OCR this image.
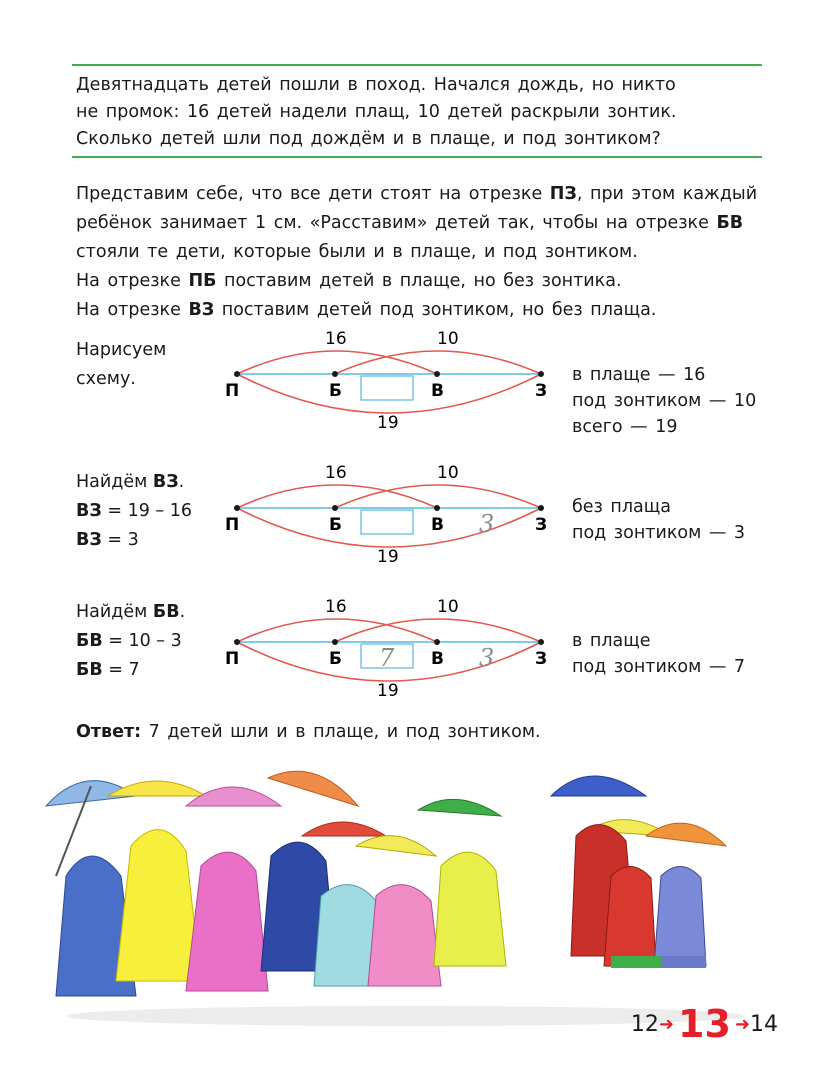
Девятнадцать детей пошли в поход. Начался дождь, но никто
не промок: 16 детей надели плащ, 10 детей раскрыли зонтик.
Сколько детей шли под дождём и в плаще, и под зонтиком?

Представим себе, что все дети стоят на отрезке ПЗ, при этом каждый

ребёнок занимает 1 см. «Расставим» детей так, чтобы на отрезке БВ

стояли те дети, которые были и в плаще, и под зонтиком.

На отрезке ПБ поставим детей в плаще, но без зонтика.

На отрезке ВЗ поставим детей под зонтиком, но без плаща.

Нарисуем
схему.
16	10
П	Б	В	З
19
в плаще — 16
под зонтиком — 10
всего — 19
Найдём ВЗ.
ВЗ = 19 – 16
ВЗ = 3
16	10
П	Б	В	З
3
19
без плаща
под зонтиком — 3
Найдём БВ.
БВ = 10 – 3
БВ = 7
16	10
П	Б	В	З
7	3
19
в плаще
под зонтиком — 7
Ответ: 7 детей шли и в плаще, и под зонтиком.
12 ➜ 13 ➜ 14
